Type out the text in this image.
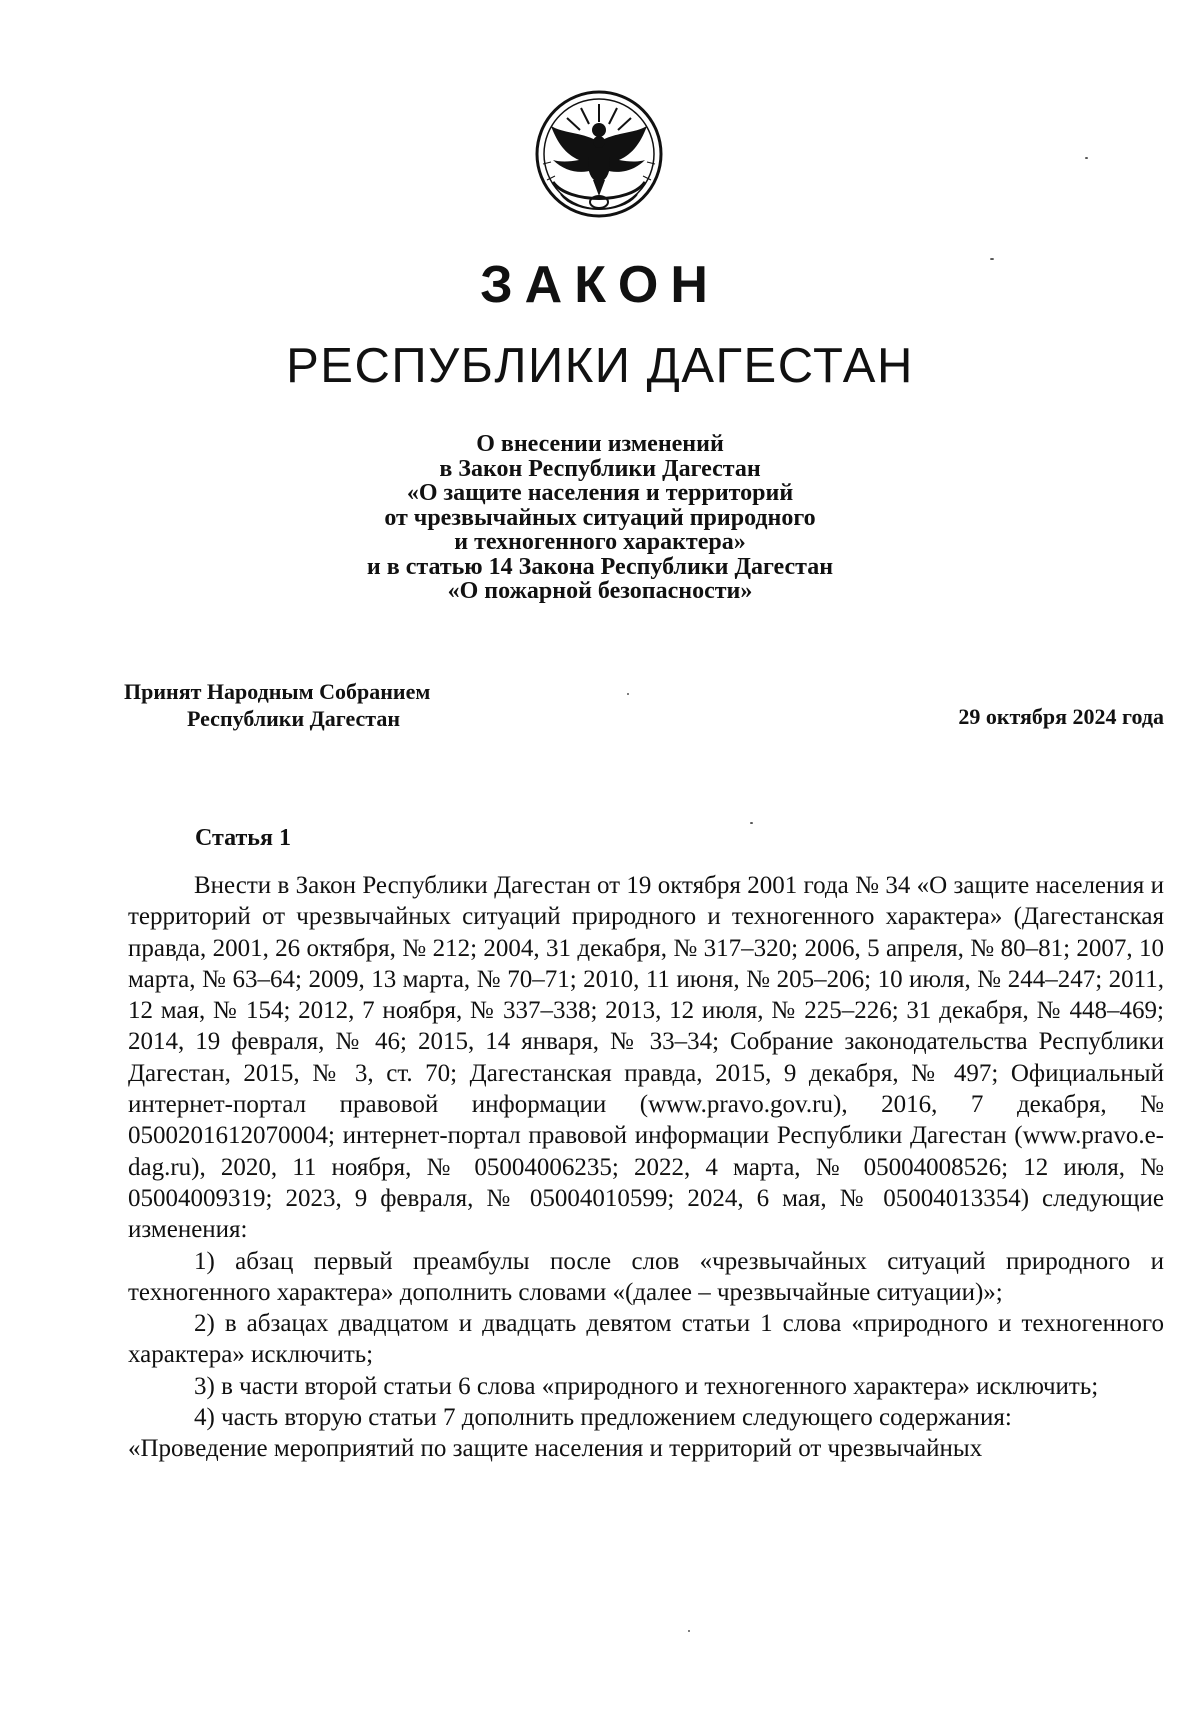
ЗАКОН
РЕСПУБЛИКИ ДАГЕСТАН
О внесении изменений
в Закон Республики Дагестан
«О защите населения и территорий
от чрезвычайных ситуаций природного
и техногенного характера»
и в статью 14 Закона Республики Дагестан
«О пожарной безопасности»
Принят Народным Собранием
Республики Дагестан	29 октября 2024 года
Статья 1

Внести в Закон Республики Дагестан от 19 октября 2001 года № 34 «О защите населения и территорий от чрезвычайных ситуаций природного и техногенного характера» (Дагестанская правда, 2001, 26 октября, № 212; 2004, 31 декабря, № 317–320; 2006, 5 апреля, № 80–81; 2007, 10 марта, № 63–64; 2009, 13 марта, № 70–71; 2010, 11 июня, № 205–206; 10 июля, № 244–247; 2011, 12 мая, № 154; 2012, 7 ноября, № 337–338; 2013, 12 июля, № 225–226; 31 декабря, № 448–469; 2014, 19 февраля, № 46; 2015, 14 января, № 33–34; Собрание законодательства Республики Дагестан, 2015, № 3, ст. 70; Дагестанская правда, 2015, 9 декабря, № 497; Официальный интернет-портал правовой информации (www.pravo.gov.ru), 2016, 7 декабря, № 0500201612070004; интернет-портал правовой информации Республики Дагестан (www.pravo.e-dag.ru), 2020, 11 ноября, № 05004006235; 2022, 4 марта, № 05004008526; 12 июля, № 05004009319; 2023, 9 февраля, № 05004010599; 2024, 6 мая, № 05004013354) следующие изменения:

1) абзац первый преамбулы после слов «чрезвычайных ситуаций природного и техногенного характера» дополнить словами «(далее – чрезвычайные ситуации)»;

2) в абзацах двадцатом и двадцать девятом статьи 1 слова «природного и техногенного характера» исключить;

3) в части второй статьи 6 слова «природного и техногенного характера» исключить;

4) часть вторую статьи 7 дополнить предложением следующего содержания:

«Проведение мероприятий по защите населения и территорий от чрезвычайных
